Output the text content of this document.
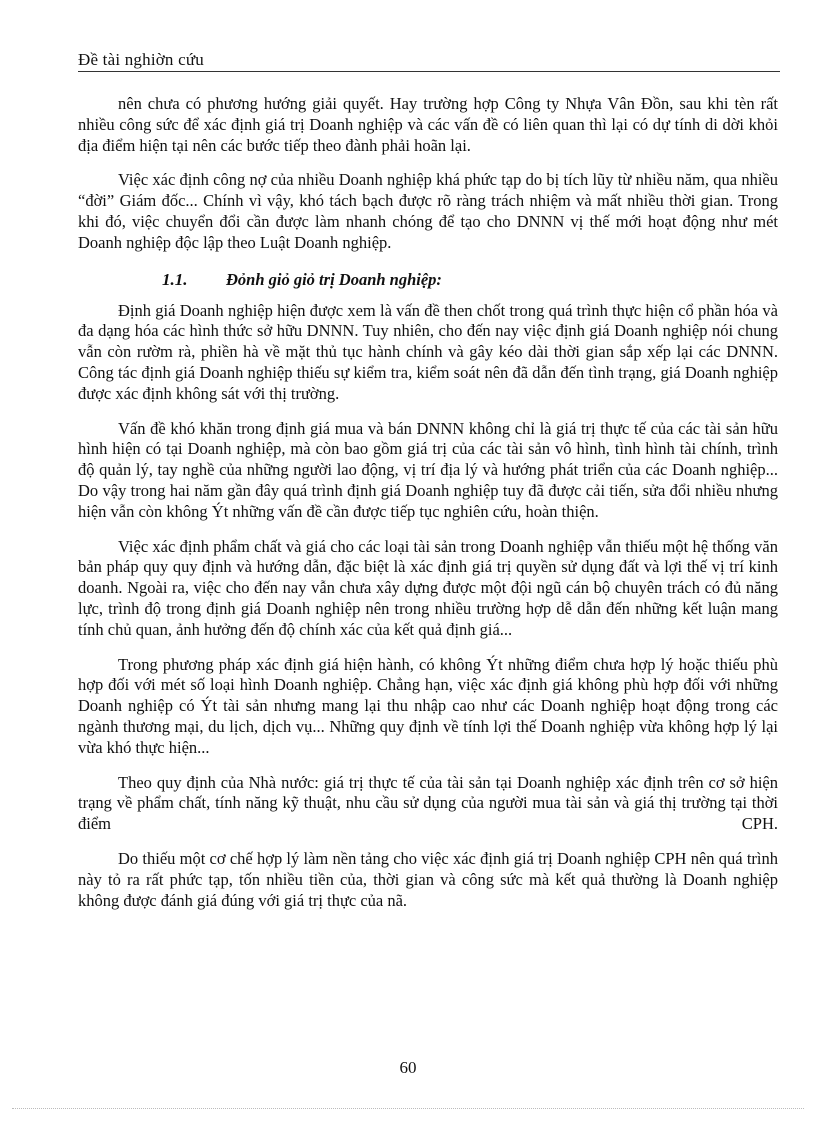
Đề tài nghiờn cứu

nên chưa có phương hướng giải quyết. Hay trường hợp Công ty Nhựa Vân Đồn, sau khi tèn rất nhiều công sức để xác định giá trị Doanh nghiệp và các vấn đề có liên quan thì lại có dự tính di dời khỏi địa điểm hiện tại nên các bước tiếp theo đành phải hoãn lại.

Việc xác định công nợ của nhiều Doanh nghiệp khá phức tạp do bị tích lũy từ nhiều năm, qua nhiều “đời” Giám đốc... Chính vì vậy, khó tách bạch được rõ ràng trách nhiệm và mất nhiều thời gian. Trong khi đó, việc chuyển đổi cần được làm nhanh chóng để tạo cho DNNN vị thế mới hoạt động như mét Doanh nghiệp độc lập theo Luật Doanh nghiệp.

1.1. Đỏnh giỏ giỏ trị Doanh nghiệp:

Định giá Doanh nghiệp hiện được xem là vấn đề then chốt trong quá trình thực hiện cổ phần hóa và đa dạng hóa các hình thức sở hữu DNNN. Tuy nhiên, cho đến nay việc định giá Doanh nghiệp nói chung vẫn còn rườm rà, phiền hà về mặt thủ tục hành chính và gây kéo dài thời gian sắp xếp lại các DNNN. Công tác định giá Doanh nghiệp thiếu sự kiểm tra, kiểm soát nên đã dẫn đến tình trạng, giá Doanh nghiệp được xác định không sát với thị trường.

Vấn đề khó khăn trong định giá mua và bán DNNN không chỉ là giá trị thực tế của các tài sản hữu hình hiện có tại Doanh nghiệp, mà còn bao gồm giá trị của các tài sản vô hình, tình hình tài chính, trình độ quản lý, tay nghề của những người lao động, vị trí địa lý và hướng phát triển của các Doanh nghiệp... Do vậy trong hai năm gần đây quá trình định giá Doanh nghiệp tuy đã được cải tiến, sửa đổi nhiều nhưng hiện vẫn còn không Ýt những vấn đề cần được tiếp tục nghiên cứu, hoàn thiện.

Việc xác định phẩm chất và giá cho các loại tài sản trong Doanh nghiệp vẫn thiếu một hệ thống văn bản pháp quy quy định và hướng dẫn, đặc biệt là xác định giá trị quyền sử dụng đất và lợi thế vị trí kinh doanh. Ngoài ra, việc cho đến nay vẫn chưa xây dựng được một đội ngũ cán bộ chuyên trách có đủ năng lực, trình độ trong định giá Doanh nghiệp nên trong nhiều trường hợp dễ dẫn đến những kết luận mang tính chủ quan, ảnh hưởng đến độ chính xác của kết quả định giá...

Trong phương pháp xác định giá hiện hành, có không Ýt những điểm chưa hợp lý hoặc thiếu phù hợp đối với mét số loại hình Doanh nghiệp. Chẳng hạn, việc xác định giá không phù hợp đối với những Doanh nghiệp có Ýt tài sản nhưng mang lại thu nhập cao như các Doanh nghiệp hoạt động trong các ngành thương mại, du lịch, dịch vụ... Những quy định về tính lợi thế Doanh nghiệp vừa không hợp lý lại vừa khó thực hiện...

Theo quy định của Nhà nước: giá trị thực tế của tài sản tại Doanh nghiệp xác định trên cơ sở hiện trạng về phẩm chất, tính năng kỹ thuật, nhu cầu sử dụng của người mua tài sản và giá thị trường tại thời điểm CPH.

Do thiếu một cơ chế hợp lý làm nền tảng cho việc xác định giá trị Doanh nghiệp CPH nên quá trình này tỏ ra rất phức tạp, tốn nhiều tiền của, thời gian và công sức mà kết quả thường là Doanh nghiệp không được đánh giá đúng với giá trị thực của nã.

60
